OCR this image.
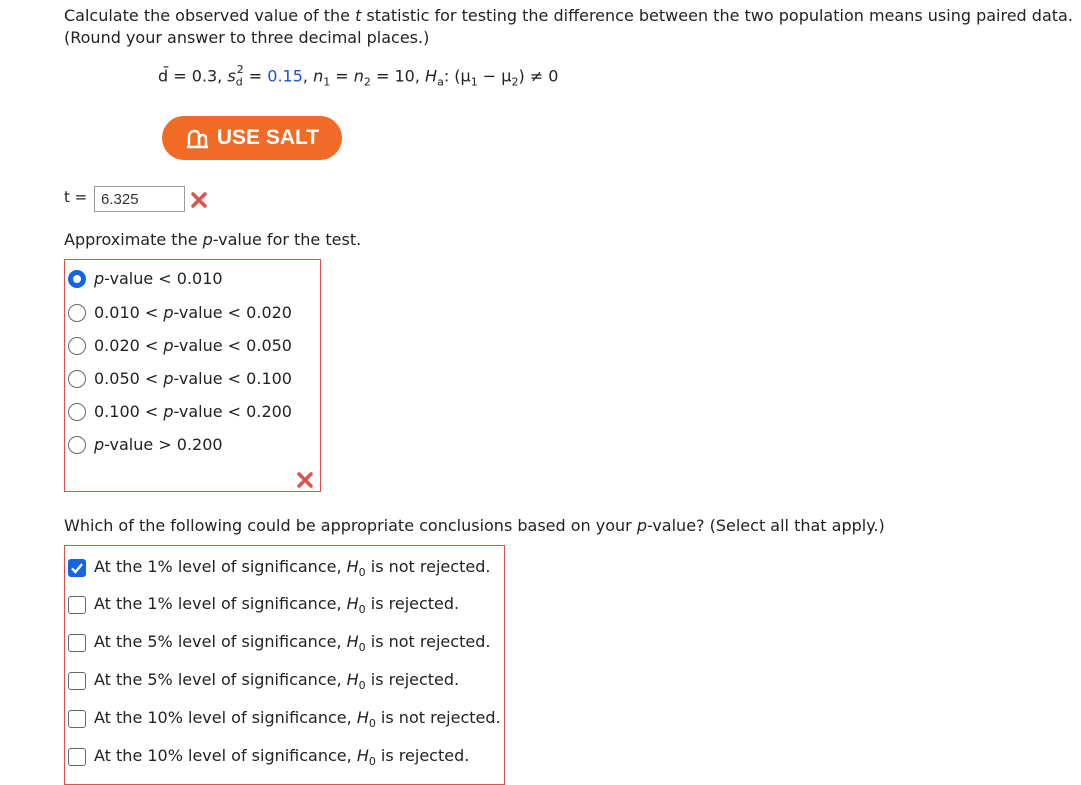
Calculate the observed value of the t statistic for testing the difference between the two population means using paired data.
(Round your answer to three decimal places.)
d̄ = 0.3, $s_d^2 = 0.15$, $n_1 = n_2 = 10$, $H_a$: $(\mu_1 - \mu_2) \ne 0$
USE SALT
t =
6.325
Approximate the p-value for the test.
p-value < 0.010
0.010 < p-value < 0.020
0.020 < p-value < 0.050
0.050 < p-value < 0.100
0.100 < p-value < 0.200
p-value > 0.200
Which of the following could be appropriate conclusions based on your p-value? (Select all that apply.)
At the 1% level of significance, $H_0$ is not rejected.
At the 1% level of significance, $H_0$ is rejected.
At the 5% level of significance, $H_0$ is not rejected.
At the 5% level of significance, $H_0$ is rejected.
At the 10% level of significance, $H_0$ is not rejected.
At the 10% level of significance, $H_0$ is rejected.
